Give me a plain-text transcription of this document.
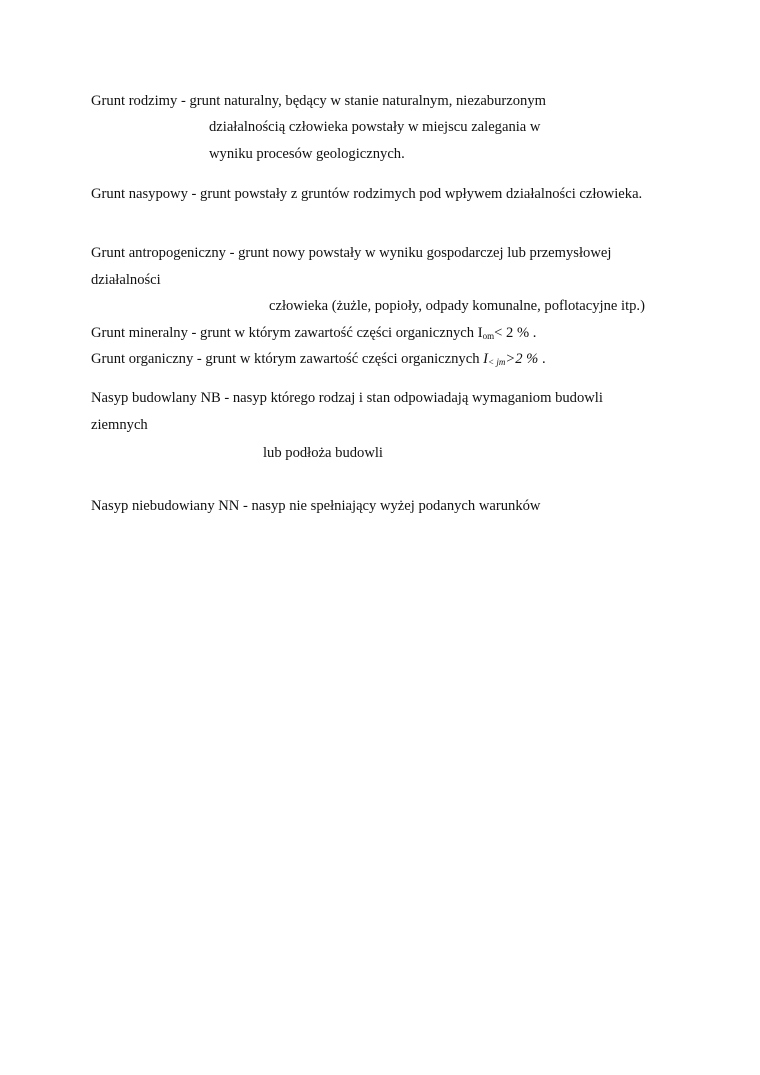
Grunt rodzimy - grunt naturalny, będący w stanie naturalnym, niezaburzonym
działalnością człowieka powstały w miejscu zalegania w
wyniku procesów geologicznych.
Grunt nasypowy - grunt powstały z gruntów rodzimych pod wpływem działalności człowieka.
Grunt antropogeniczny - grunt nowy powstały w wyniku gospodarczej lub przemysłowej
działalności
człowieka (żużle, popioły, odpady komunalne, poflotacyjne itp.)
Grunt mineralny - grunt w którym zawartość części organicznych $I_{om}< 2$ % .
Grunt organiczny - grunt w którym zawartość części organicznych $I_{< jm}>2$ % .
Nasyp budowlany NB - nasyp którego rodzaj i stan odpowiadają wymaganiom budowli
ziemnych
lub podłoża budowli
Nasyp niebudowiany NN - nasyp nie spełniający wyżej podanych warunków
